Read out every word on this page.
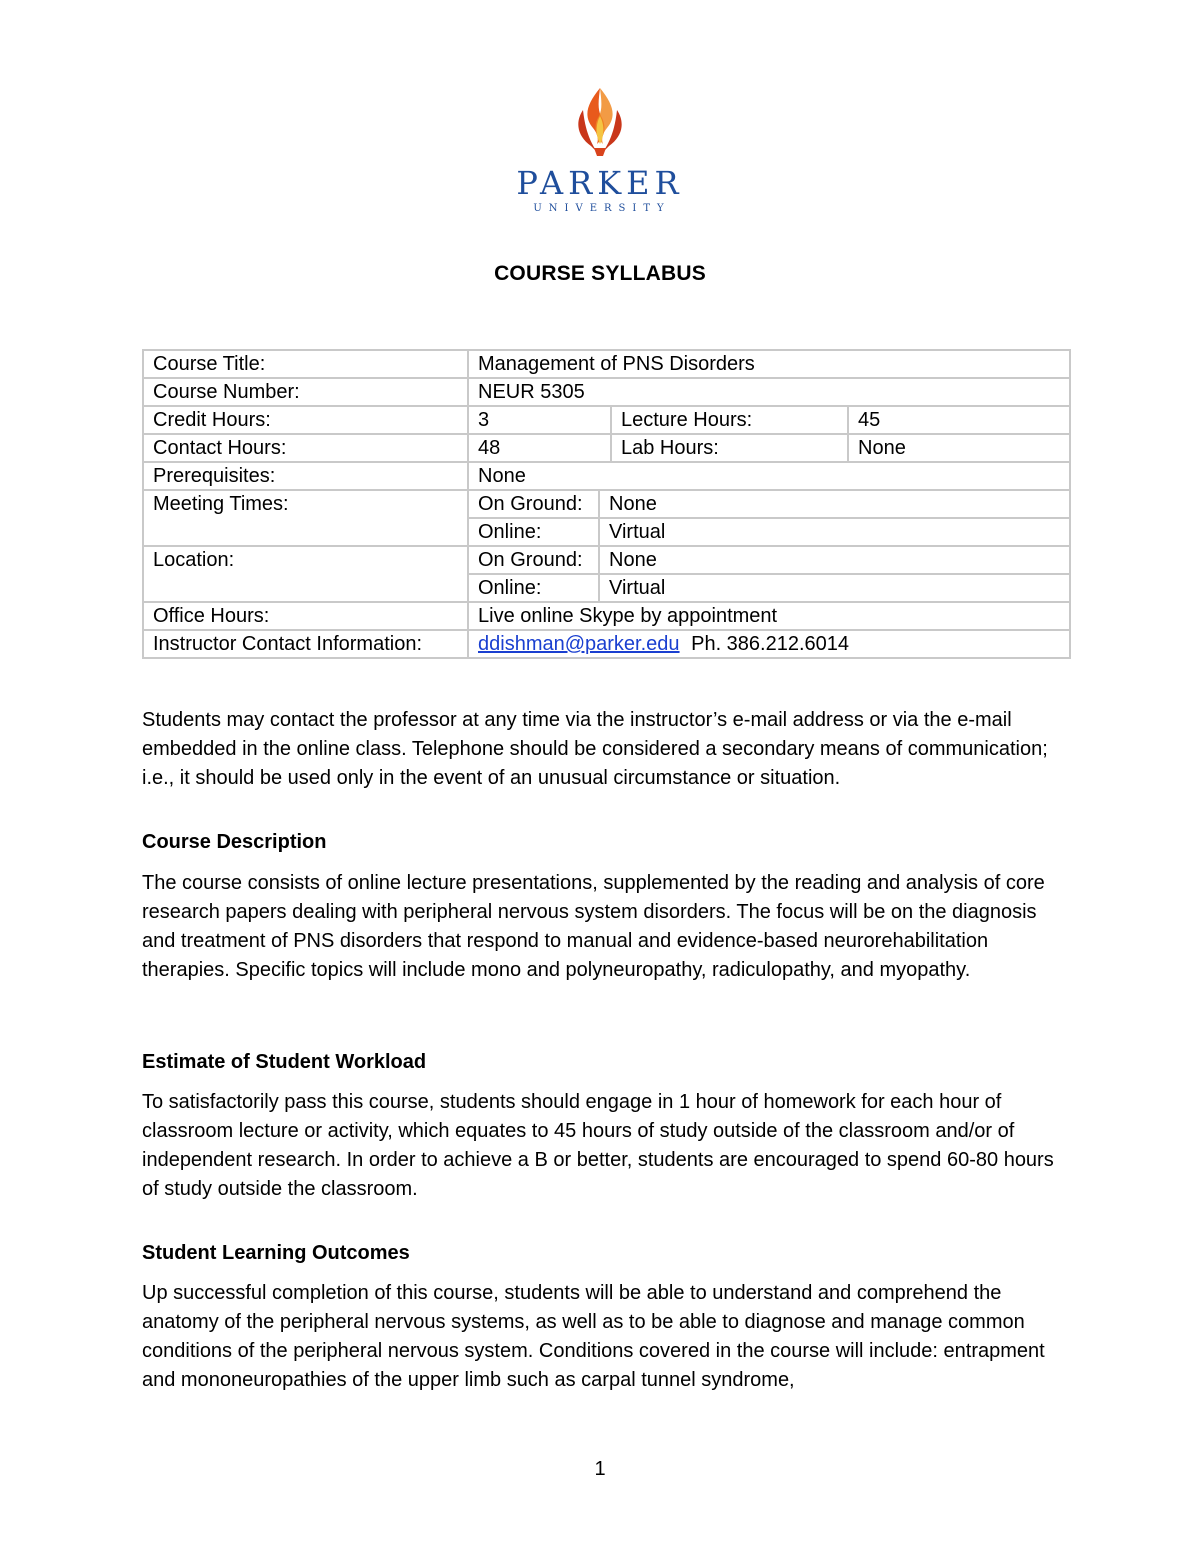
PARKER
UNIVERSITY
COURSE SYLLABUS
Course Title:	Management of PNS Disorders			
Course Number:	NEUR 5305			
Credit Hours:	3		Lecture Hours:	45
Contact Hours:	48		Lab Hours:	None
Prerequisites:	None			
Meeting Times:	On Ground:	None		
	Online:	Virtual		
Location:	On Ground:	None		
	Online:	Virtual		
Office Hours:	Live online Skype by appointment			
Instructor Contact Information:	ddishman@parker.edu Ph. 386.212.6014			
Students may contact the professor at any time via the instructor’s e-mail address or via the e-mail embedded in the online class. Telephone should be considered a secondary means of communication; i.e., it should be used only in the event of an unusual circumstance or situation.
Course Description
The course consists of online lecture presentations, supplemented by the reading and analysis of core research papers dealing with peripheral nervous system disorders. The focus will be on the diagnosis and treatment of PNS disorders that respond to manual and evidence-based neurorehabilitation therapies. Specific topics will include mono and polyneuropathy, radiculopathy, and myopathy.
Estimate of Student Workload
To satisfactorily pass this course, students should engage in 1 hour of homework for each hour of classroom lecture or activity, which equates to 45 hours of study outside of the classroom and/or of independent research. In order to achieve a B or better, students are encouraged to spend 60-80 hours of study outside the classroom.
Student Learning Outcomes
Up successful completion of this course, students will be able to understand and comprehend the anatomy of the peripheral nervous systems, as well as to be able to diagnose and manage common conditions of the peripheral nervous system. Conditions covered in the course will include: entrapment and mononeuropathies of the upper limb such as carpal tunnel syndrome,
1
